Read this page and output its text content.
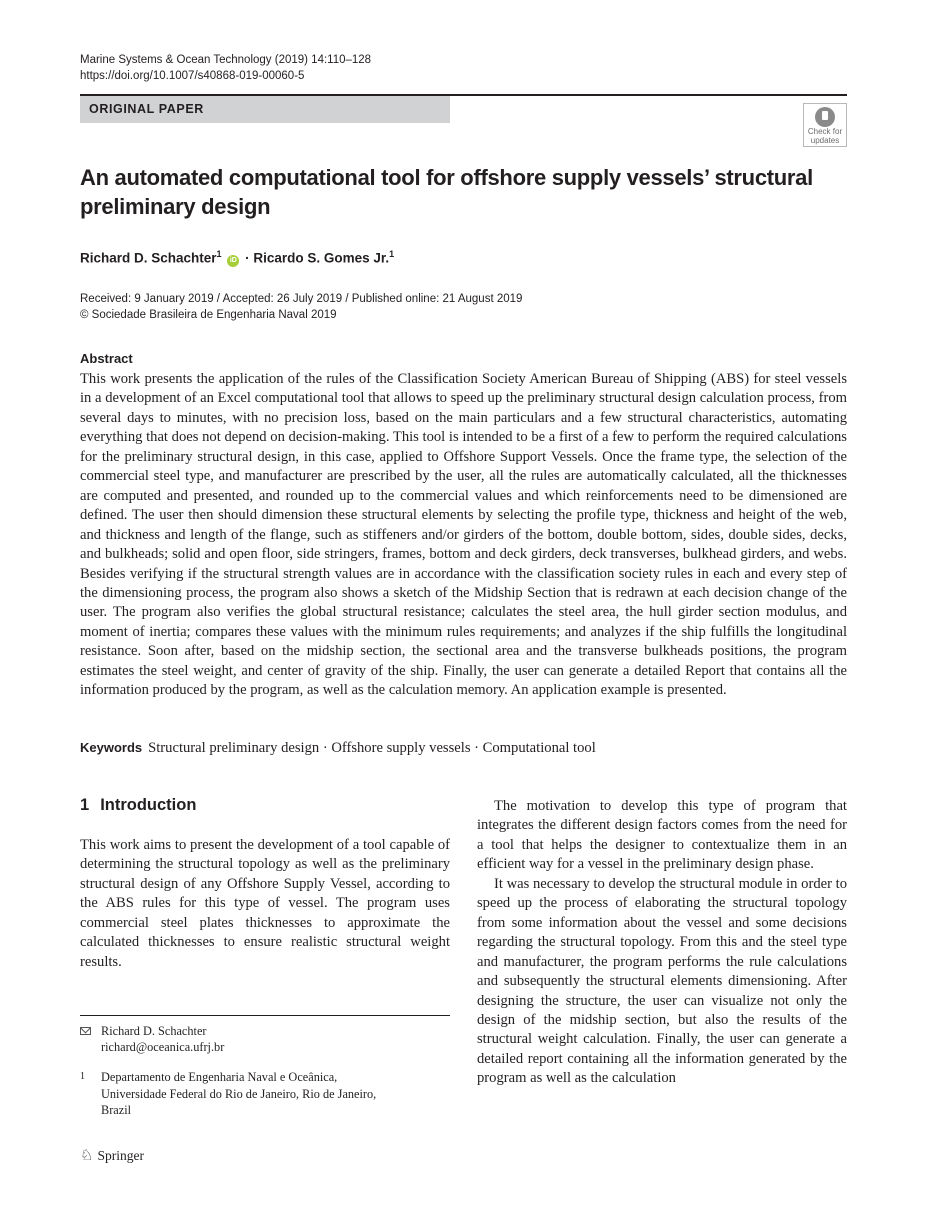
Marine Systems & Ocean Technology (2019) 14:110–128
https://doi.org/10.1007/s40868-019-00060-5
ORIGINAL PAPER
Check for
updates
An automated computational tool for offshore supply vessels’ structural preliminary design
Richard D. Schachter$^1$ iD · Ricardo S. Gomes Jr.$^1$
Received: 9 January 2019 / Accepted: 26 July 2019 / Published online: 21 August 2019
© Sociedade Brasileira de Engenharia Naval 2019
Abstract
This work presents the application of the rules of the Classification Society American Bureau of Shipping (ABS) for steel vessels in a development of an Excel computational tool that allows to speed up the preliminary structural design calculation process, from several days to minutes, with no precision loss, based on the main particulars and a few structural characteristics, automating everything that does not depend on decision-making. This tool is intended to be a first of a few to perform the required calculations for the preliminary structural design, in this case, applied to Offshore Support Vessels. Once the frame type, the selection of the commercial steel type, and manufacturer are prescribed by the user, all the rules are automatically calculated, all the thicknesses are computed and presented, and rounded up to the commercial values and which reinforcements need to be dimensioned are defined. The user then should dimension these structural elements by selecting the profile type, thickness and height of the web, and thickness and length of the flange, such as stiffeners and/or girders of the bottom, double bottom, sides, double sides, decks, and bulkheads; solid and open floor, side stringers, frames, bottom and deck girders, deck transverses, bulkhead girders, and webs. Besides verifying if the structural strength values are in accordance with the classification society rules in each and every step of the dimensioning process, the program also shows a sketch of the Midship Section that is redrawn at each decision change of the user. The program also verifies the global structural resistance; calculates the steel area, the hull girder section modulus, and moment of inertia; compares these values with the minimum rules requirements; and analyzes if the ship fulfills the longitudinal resistance. Soon after, based on the midship section, the sectional area and the transverse bulkheads positions, the program estimates the steel weight, and center of gravity of the ship. Finally, the user can generate a detailed Report that contains all the information produced by the program, as well as the calculation memory. An application example is presented.
Keywords Structural preliminary design · Offshore supply vessels · Computational tool
1 Introduction
This work aims to present the development of a tool capable of determining the structural topology as well as the preliminary structural design of any Offshore Supply Vessel, according to the ABS rules for this type of vessel. The program uses commercial steel plates thicknesses to approximate the calculated thicknesses to ensure realistic structural weight results.

The motivation to develop this type of program that integrates the different design factors comes from the need for a tool that helps the designer to contextualize them in an efficient way for a vessel in the preliminary design phase.

It was necessary to develop the structural module in order to speed up the process of elaborating the structural topology from some information about the vessel and some decisions regarding the structural topology. From this and the steel type and manufacturer, the program performs the rule calculations and subsequently the structural elements dimensioning. After designing the structure, the user can visualize not only the design of the midship section, but also the results of the structural weight calculation. Finally, the user can generate a detailed report containing all the information generated by the program as well as the calculation

Richard D. Schachter
richard@oceanica.ufrj.br
1	Departamento de Engenharia Naval e Oceânica,
Universidade Federal do Rio de Janeiro, Rio de Janeiro,
Brazil
♘ Springer
